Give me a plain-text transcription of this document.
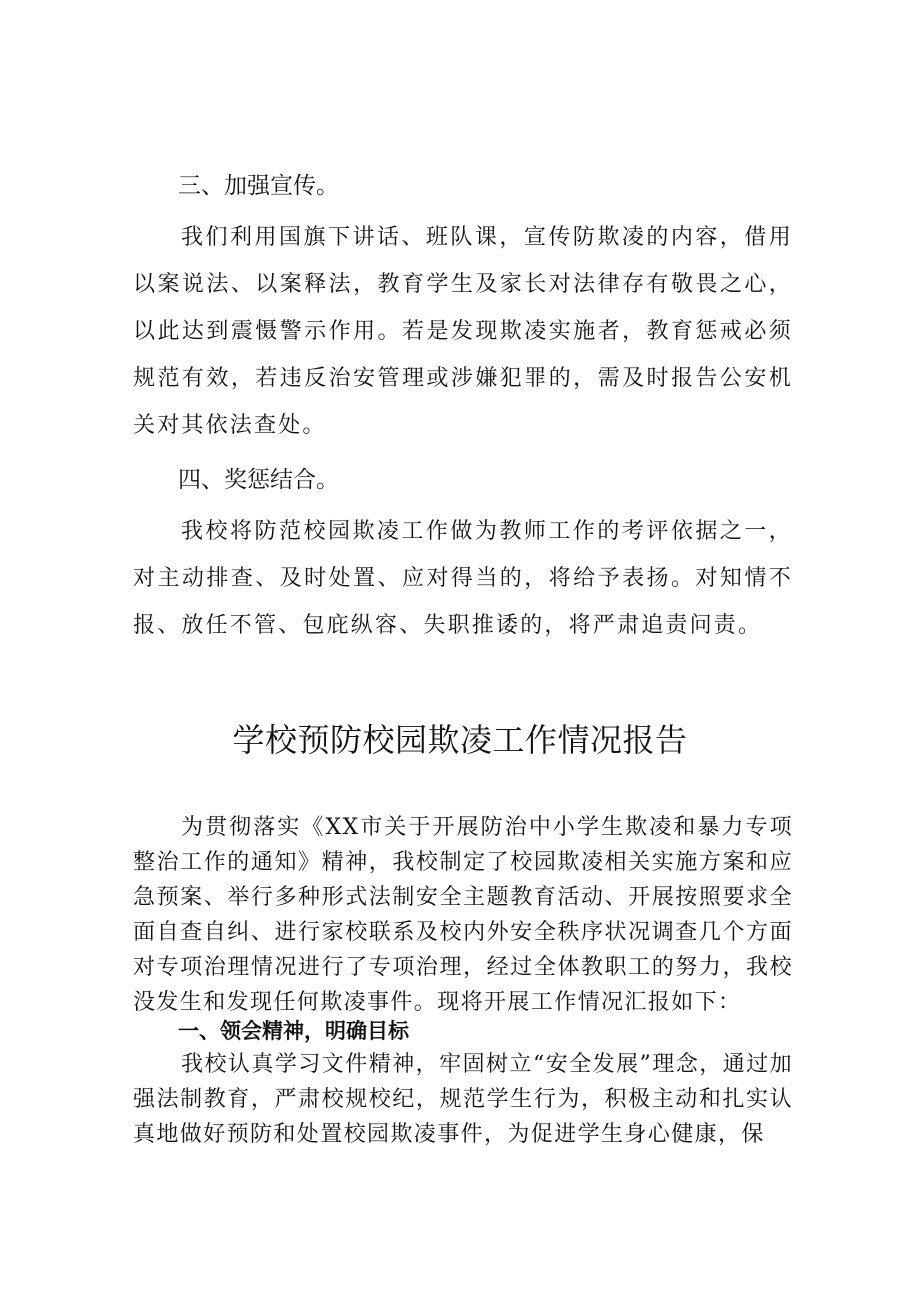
三、加强宣传。

我们利用国旗下讲话、班队课，宣传防欺凌的内容，借用以案说法、以案释法，教育学生及家长对法律存有敬畏之心，以此达到震慑警示作用。若是发现欺凌实施者，教育惩戒必须规范有效，若违反治安管理或涉嫌犯罪的，需及时报告公安机关对其依法查处。

四、奖惩结合。

我校将防范校园欺凌工作做为教师工作的考评依据之一，对主动排查、及时处置、应对得当的，将给予表扬。对知情不报、放任不管、包庇纵容、失职推诿的，将严肃追责问责。

学校预防校园欺凌工作情况报告

为贯彻落实《XX市关于开展防治中小学生欺凌和暴力专项整治工作的通知》精神，我校制定了校园欺凌相关实施方案和应急预案、举行多种形式法制安全主题教育活动、开展按照要求全面自查自纠、进行家校联系及校内外安全秩序状况调查几个方面对专项治理情况进行了专项治理，经过全体教职工的努力，我校没发生和发现任何欺凌事件。现将开展工作情况汇报如下：

一、领会精神，明确目标

我校认真学习文件精神，牢固树立“安全发展”理念，通过加强法制教育，严肃校规校纪，规范学生行为，积极主动和扎实认真地做好预防和处置校园欺凌事件，为促进学生身心健康，保
